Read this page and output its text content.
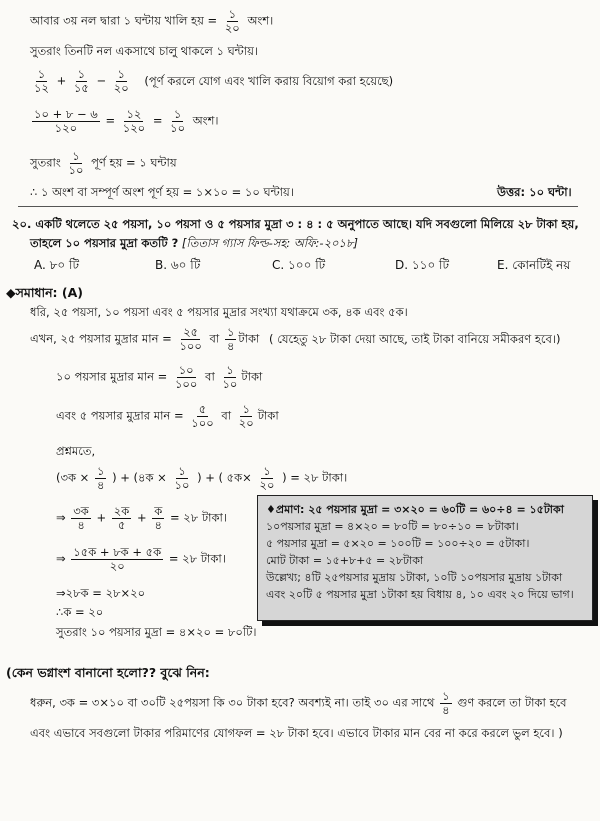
আবার ৩য় নল দ্বারা ১ ঘন্টায় খালি হয় = $\frac{১}{২০}$ অংশ।
সুতরাং তিনটি নল একসাথে চালু থাকলে ১ ঘন্টায়।
$\frac{১}{১২} + \frac{১}{১৫} - \frac{১}{২০}$ (পূর্ণ করলে যোগ এবং খালি করায় বিয়োগ করা হয়েছে)
$\frac{১০ + ৮ - ৬}{১২০} = \frac{১২}{১২০} = \frac{১}{১০}$ অংশ।
সুতরাং $\frac{১}{১০}$ পূর্ণ হয় = ১ ঘন্টায়
∴ ১ অংশ বা সম্পূর্ণ অংশ পূর্ণ হয় = ১×১০ = ১০ ঘন্টায়।	উত্তর: ১০ ঘন্টা।
২০. একটি থলেতে ২৫ পয়সা, ১০ পয়সা ও ৫ পয়সার মুদ্রা ৩ : ৪ : ৫ অনুপাতে আছে। যদি সবগুলো মিলিয়ে ২৮ টাকা হয়,
তাহলে ১০ পয়সার মুদ্রা কতটি ? [তিতাস গ্যাস ফিল্ড-সহ: অফি:-২০১৮]
A. ৮০ টি	B. ৬০ টি	C. ১০০ টি	D. ১১০ টি	E. কোনটিই নয়
◆সমাধান: (A)
ধরি, ২৫ পয়সা, ১০ পয়সা এবং ৫ পয়সার মুদ্রার সংখ্যা যথাক্রমে ৩ক, ৪ক এবং ৫ক।
এখন, ২৫ পয়সার মুদ্রার মান = $\frac{২৫}{১০০}$ বা $\frac{১}{৪}$ টাকা ( যেহেতু ২৮ টাকা দেয়া আছে, তাই টাকা বানিয়ে সমীকরণ হবে।)
১০ পয়সার মুদ্রার মান = $\frac{১০}{১০০}$ বা $\frac{১}{১০}$ টাকা
এবং ৫ পয়সার মুদ্রার মান = $\frac{৫}{১০০}$ বা $\frac{১}{২০}$ টাকা
প্রশ্নমতে,
(৩ক × $\frac{১}{৪}$ ) + (৪ক × $\frac{১}{১০}$ ) + ( ৫ক× $\frac{১}{২০}$ ) = ২৮ টাকা।
⇒ $\frac{\text{৩ক}}{৪} + \frac{\text{২ক}}{৫} + \frac{\text{ক}}{৪}$ = ২৮ টাকা।
⇒ $\frac{\text{১৫ক + ৮ক + ৫ক}}{২০}$ = ২৮ টাকা।
⇒২৮ক = ২৮×২০
∴ক = ২০
সুতরাং ১০ পয়সার মুদ্রা = ৪×২০ = ৮০টি।
♦প্রমাণ: ২৫ পয়সার মুদ্রা = ৩×২০ = ৬০টি = ৬০÷৪ = ১৫টাকা
১০পয়সার মুদ্রা = ৪×২০ = ৮০টি = ৮০÷১০ = ৮টাকা।
৫ পয়সার মুদ্রা = ৫×২০ = ১০০টি = ১০০÷২০ = ৫টাকা।
মোট টাকা = ১৫+৮+৫ = ২৮টাকা
উল্লেখ্য; ৪টি ২৫পয়সার মুদ্রায় ১টাকা, ১০টি ১০পয়সার মুদ্রায় ১টাকা
এবং ২০টি ৫ পয়সার মুদ্রা ১টাকা হয় বিধায় ৪, ১০ এবং ২০ দিয়ে ভাগ।
(কেন ভগ্নাংশ বানানো হলো?? বুঝে নিন:
ধরুন, ৩ক = ৩×১০ বা ৩০টি ২৫পয়সা কি ৩০ টাকা হবে? অবশ্যই না। তাই ৩০ এর সাথে $\frac{১}{৪}$ গুণ করলে তা টাকা হবে
এবং এভাবে সবগুলো টাকার পরিমাণের যোগফল = ২৮ টাকা হবে। এভাবে টাকার মান বের না করে করলে ভুল হবে। )
